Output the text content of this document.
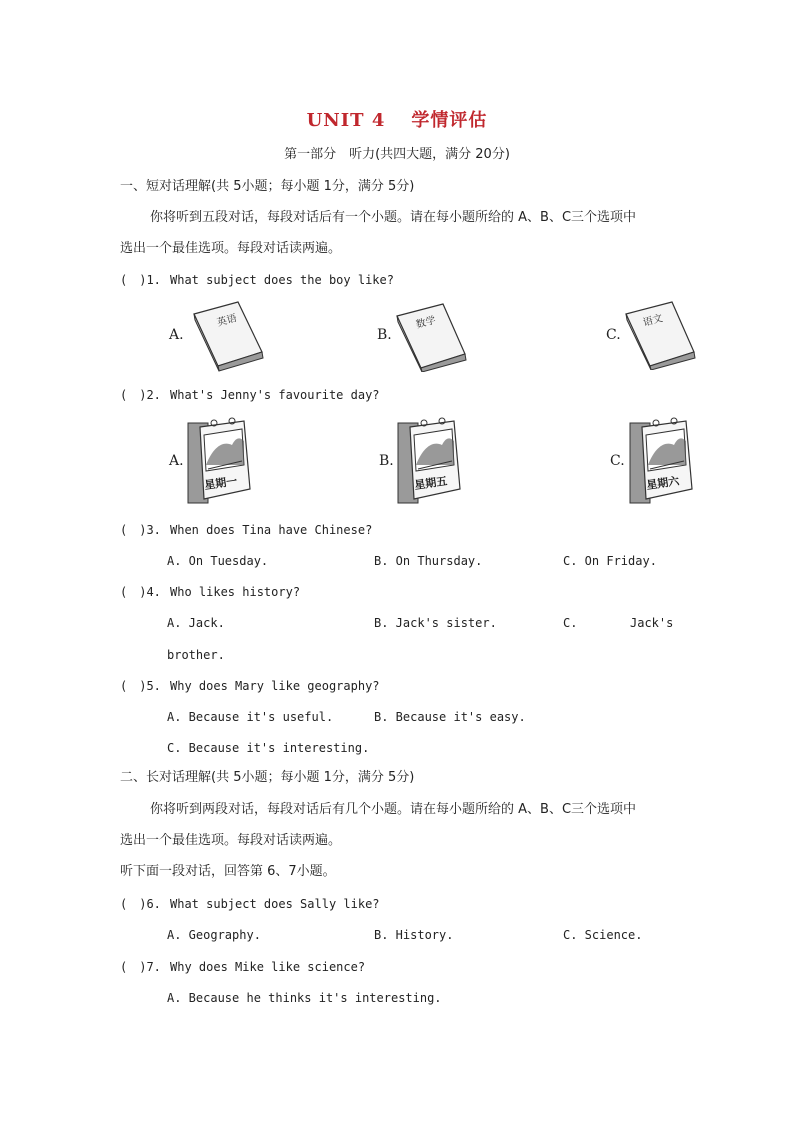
UNIT 4 学情评估
第一部分　听力(共四大题，满分 20分)
一、短对话理解(共 5小题；每小题 1分，满分 5分)
你将听到五段对话，每段对话后有一个小题。请在每小题所给的 A、B、C三个选项中
选出一个最佳选项。每段对话读两遍。
(　)1. What subject does the boy like?
A.
英语
B.
数学
C.
语文
(　)2. What's Jenny's favourite day?
A.
星期一
B.
星期五
C.
星期六
(　)3. When does Tina have Chinese?
A. On Tuesday.	B. On Thursday.	C. On Friday.
(　)4. Who likes history?
A. Jack.	B. Jack's sister.	C.	Jack's
brother.
(　)5. Why does Mary like geography?
A. Because it's useful.	B. Because it's easy.
C. Because it's interesting.
二、长对话理解(共 5小题；每小题 1分，满分 5分)
你将听到两段对话，每段对话后有几个小题。请在每小题所给的 A、B、C三个选项中
选出一个最佳选项。每段对话读两遍。
听下面一段对话，回答第 6、7小题。
(　)6. What subject does Sally like?
A. Geography.	B. History.	C. Science.
(　)7. Why does Mike like science?
A. Because he thinks it's interesting.
